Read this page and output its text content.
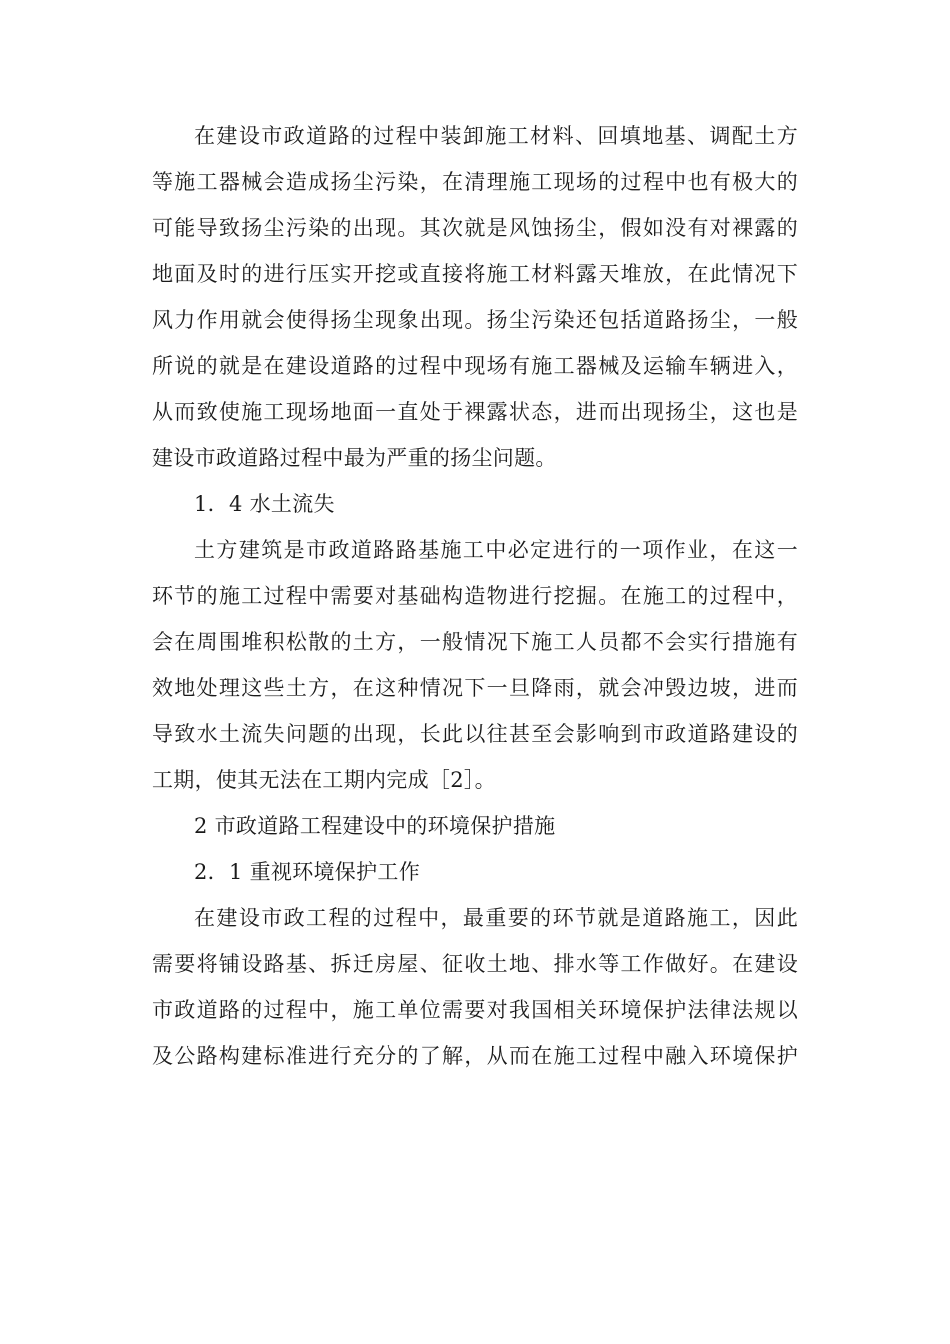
在建设市政道路的过程中装卸施工材料、回填地基、调配土方
等施工器械会造成扬尘污染，在清理施工现场的过程中也有极大的
可能导致扬尘污染的出现。其次就是风蚀扬尘，假如没有对裸露的
地面及时的进行压实开挖或直接将施工材料露天堆放，在此情况下
风力作用就会使得扬尘现象出现。扬尘污染还包括道路扬尘，一般
所说的就是在建设道路的过程中现场有施工器械及运输车辆进入，
从而致使施工现场地面一直处于裸露状态，进而出现扬尘，这也是
建设市政道路过程中最为严重的扬尘问题。
1．4 水土流失
土方建筑是市政道路路基施工中必定进行的一项作业，在这一
环节的施工过程中需要对基础构造物进行挖掘。在施工的过程中，
会在周围堆积松散的土方，一般情况下施工人员都不会实行措施有
效地处理这些土方，在这种情况下一旦降雨，就会冲毁边坡，进而
导致水土流失问题的出现，长此以往甚至会影响到市政道路建设的
工期，使其无法在工期内完成［2］。
2 市政道路工程建设中的环境保护措施
2．1 重视环境保护工作
在建设市政工程的过程中，最重要的环节就是道路施工，因此
需要将铺设路基、拆迁房屋、征收土地、排水等工作做好。在建设
市政道路的过程中，施工单位需要对我国相关环境保护法律法规以
及公路构建标准进行充分的了解，从而在施工过程中融入环境保护
